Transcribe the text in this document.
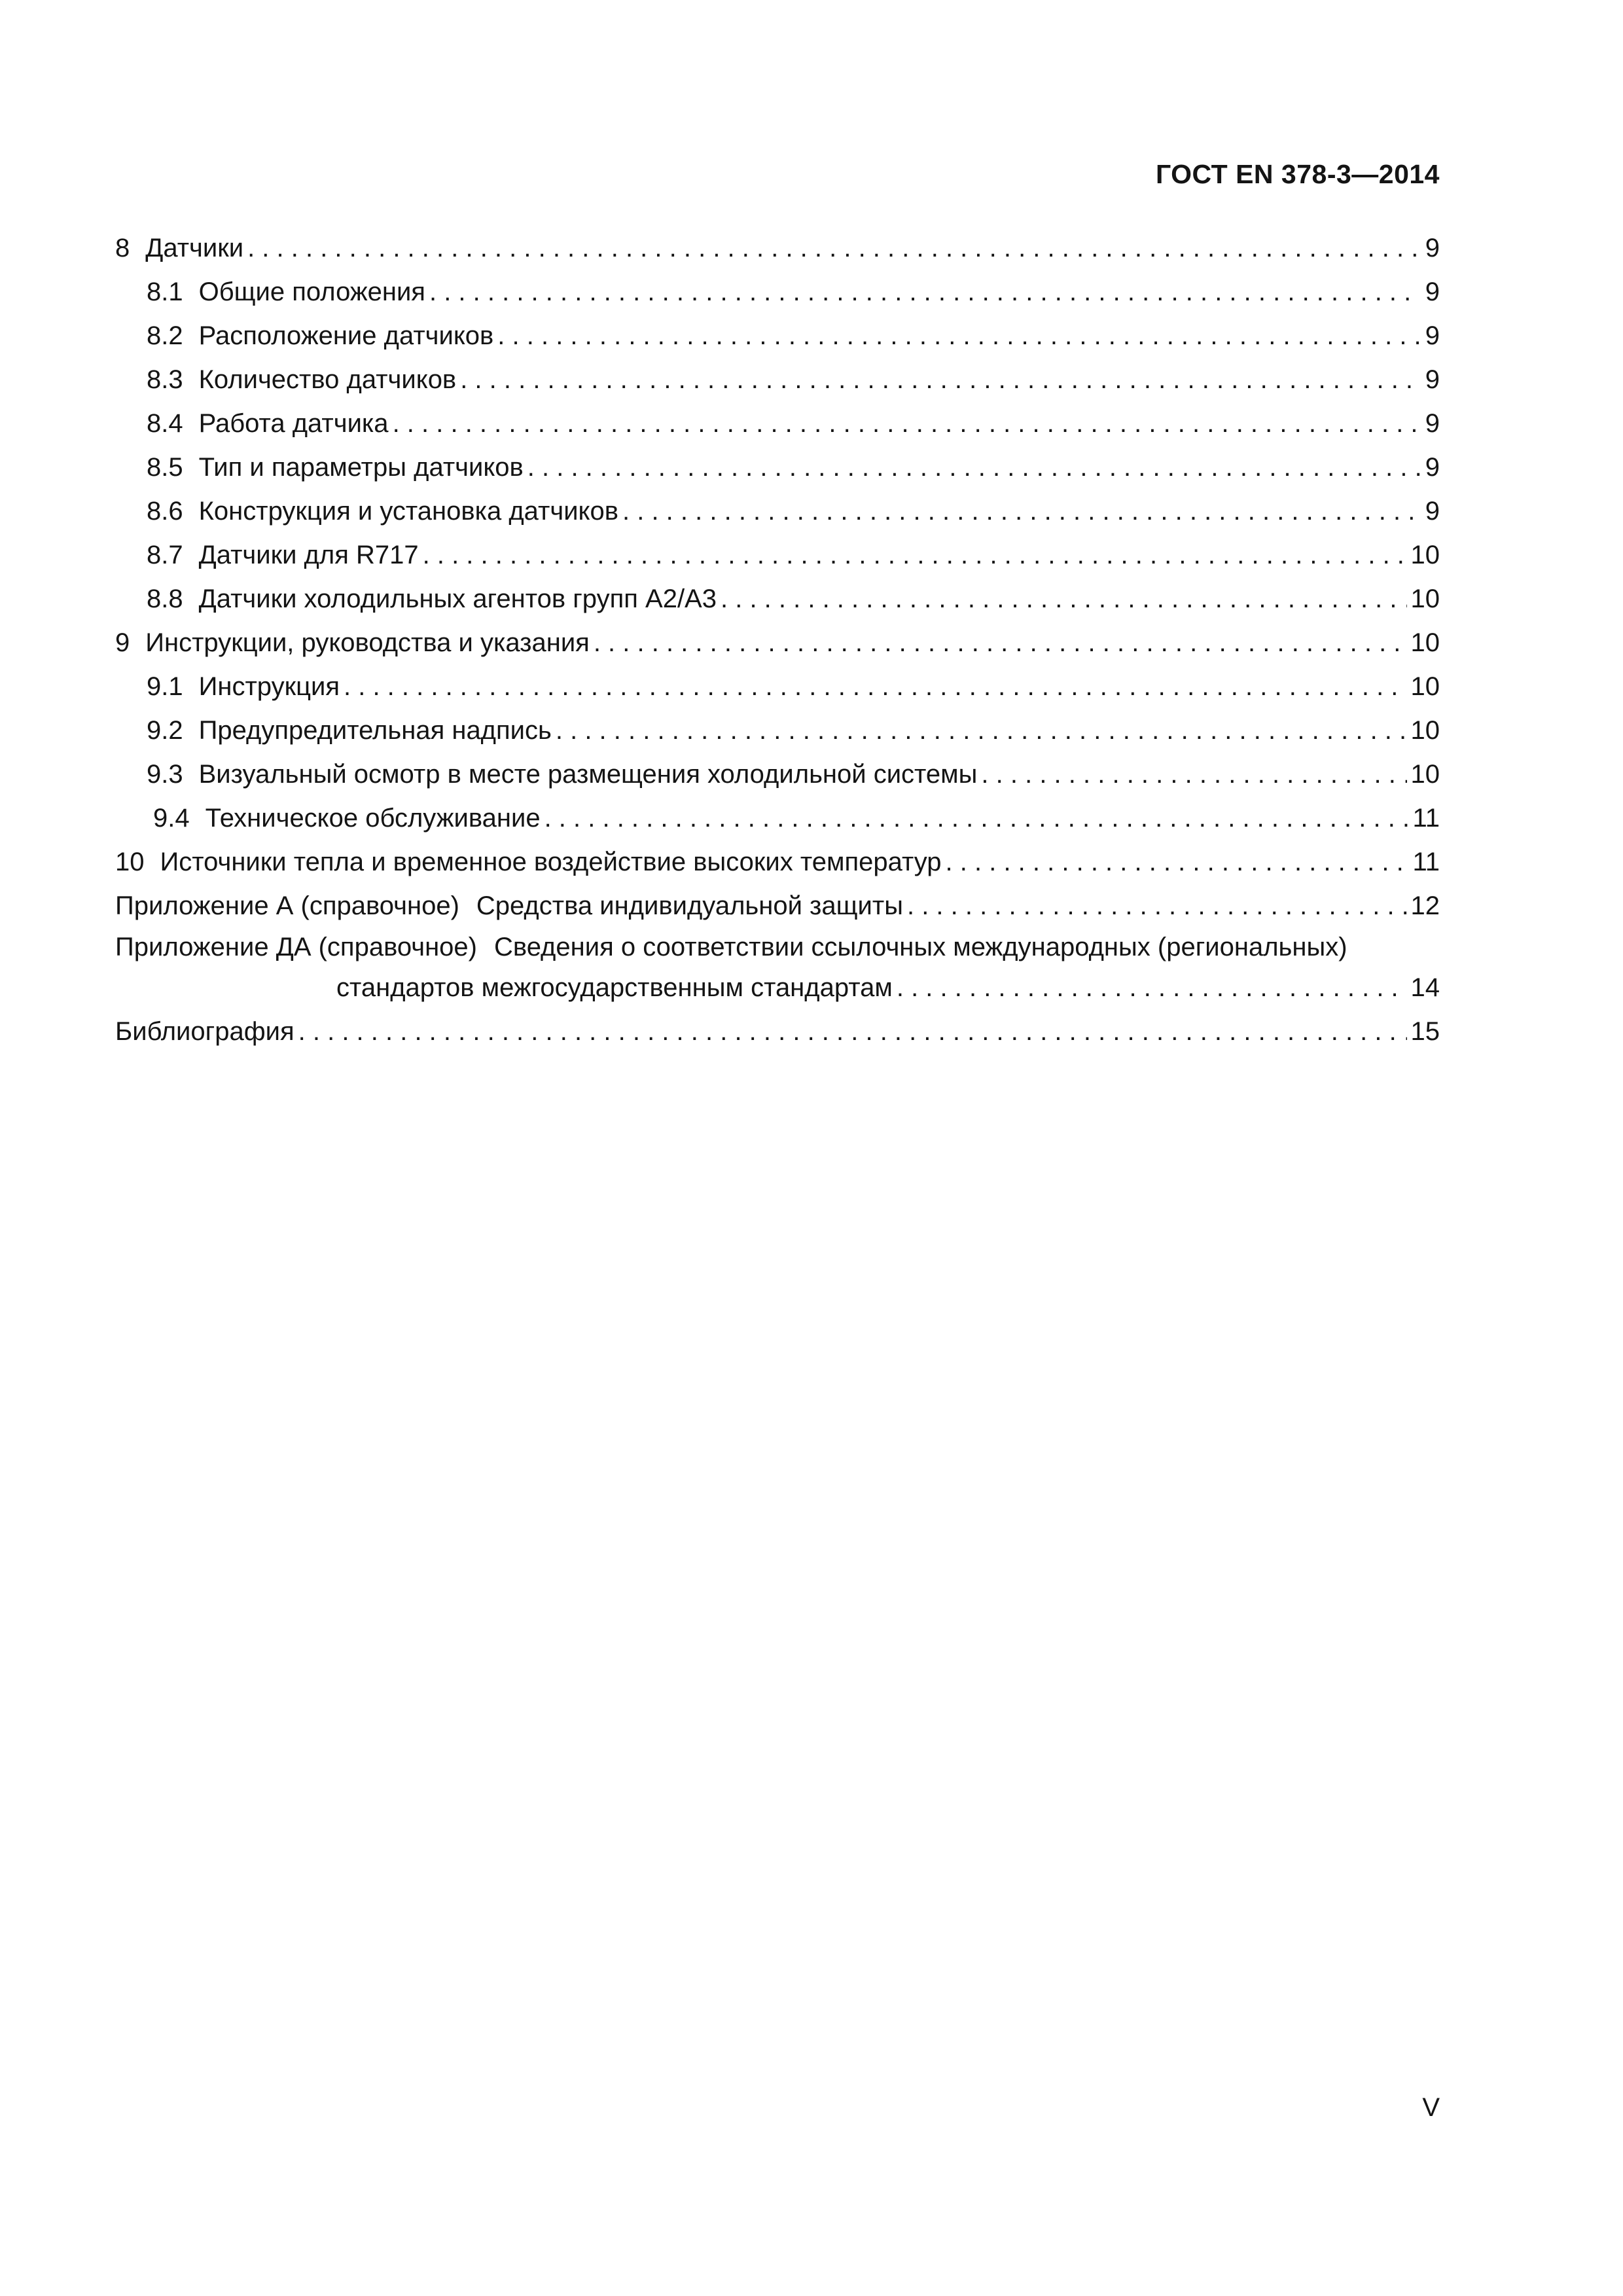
ГОСТ EN 378-3—2014
8 Датчики . . .	9
8.1 Общие положения . . .	9
8.2 Расположение датчиков . . .	9
8.3 Количество датчиков . . .	9
8.4 Работа датчика . . .	9
8.5 Тип и параметры датчиков . . .	9
8.6 Конструкция и установка датчиков . . .	9
8.7 Датчики для R717 . . .	10
8.8 Датчики холодильных агентов групп А2/А3 . . .	10
9 Инструкции, руководства и указания . . .	10
9.1 Инструкция . . .	10
9.2 Предупредительная надпись . . .	10
9.3 Визуальный осмотр в месте размещения холодильной системы . . .	10
9.4 Техническое обслуживание . . .	11
10 Источники тепла и временное воздействие высоких температур . . .	11
Приложение А (справочное) Средства индивидуальной защиты . . .	12
Приложение ДА (справочное) Сведения о соответствии ссылочных международных (региональных)
стандартов межгосударственным стандартам . . .	14
Библиография . . .	15
V
